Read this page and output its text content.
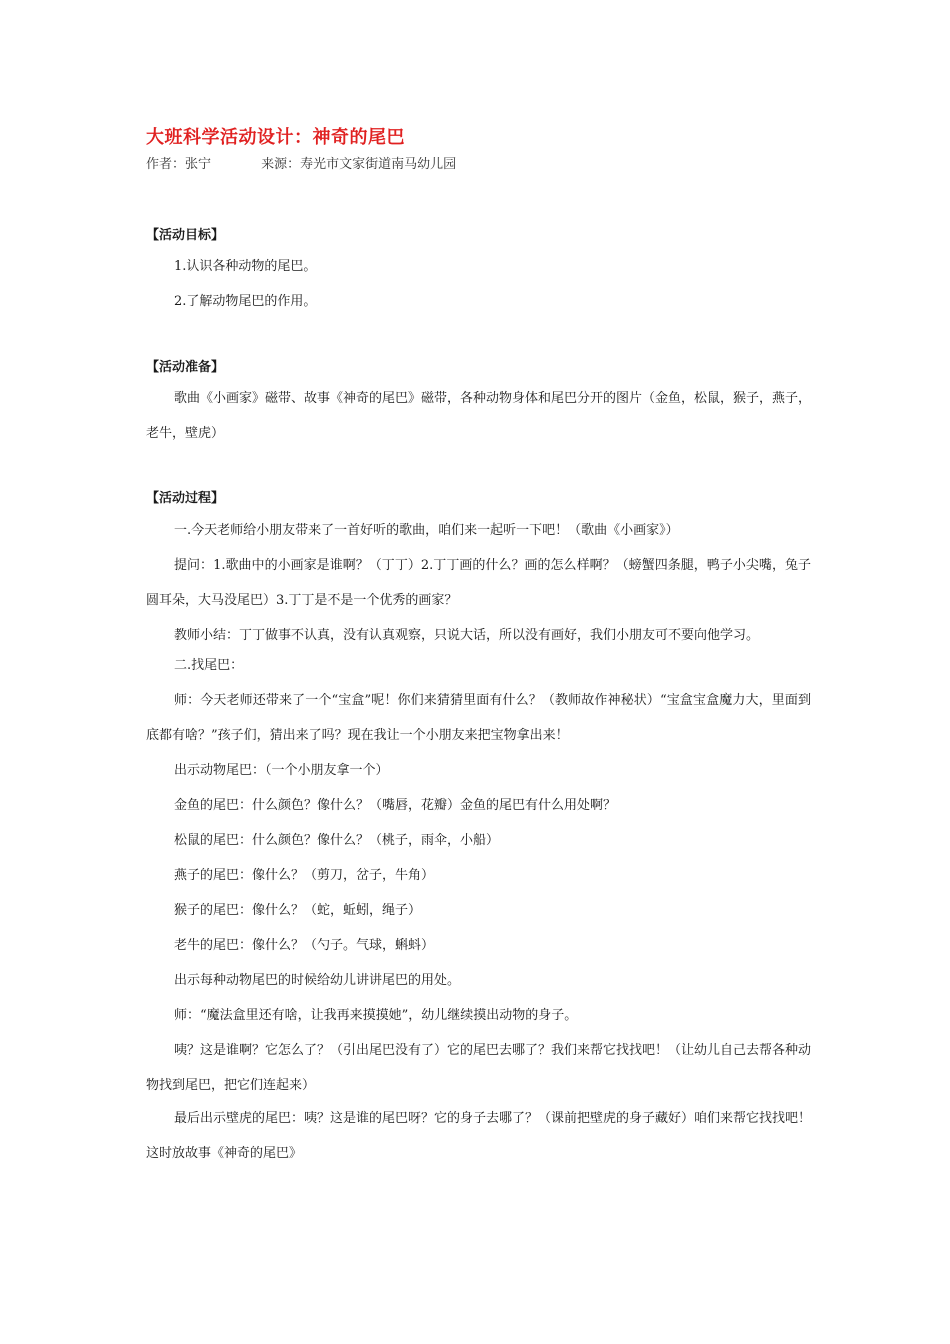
大班科学活动设计：神奇的尾巴
作者：张宁	来源：寿光市文家街道南马幼儿园
【活动目标】
1.认识各种动物的尾巴。
2.了解动物尾巴的作用。
【活动准备】
歌曲《小画家》磁带、故事《神奇的尾巴》磁带，各种动物身体和尾巴分开的图片（金鱼，松鼠，猴子，燕子，老牛，壁虎）
【活动过程】
一.今天老师给小朋友带来了一首好听的歌曲，咱们来一起听一下吧！（歌曲《小画家》）
提问：1.歌曲中的小画家是谁啊？（丁丁）2.丁丁画的什么？画的怎么样啊？（螃蟹四条腿，鸭子小尖嘴，兔子圆耳朵，大马没尾巴）3.丁丁是不是一个优秀的画家？
教师小结：丁丁做事不认真，没有认真观察，只说大话，所以没有画好，我们小朋友可不要向他学习。
二.找尾巴：
师：今天老师还带来了一个“宝盒”呢！你们来猜猜里面有什么？（教师故作神秘状）“宝盒宝盒魔力大，里面到底都有啥？”孩子们，猜出来了吗？现在我让一个小朋友来把宝物拿出来！
出示动物尾巴：（一个小朋友拿一个）
金鱼的尾巴：什么颜色？像什么？（嘴唇，花瓣）金鱼的尾巴有什么用处啊？
松鼠的尾巴：什么颜色？像什么？（桃子，雨伞，小船）
燕子的尾巴：像什么？（剪刀，岔子，牛角）
猴子的尾巴：像什么？（蛇，蚯蚓，绳子）
老牛的尾巴：像什么？（勺子。气球，蝌蚪）
出示每种动物尾巴的时候给幼儿讲讲尾巴的用处。
师：“魔法盒里还有啥，让我再来摸摸她”，幼儿继续摸出动物的身子。
咦？这是谁啊？它怎么了？（引出尾巴没有了）它的尾巴去哪了？我们来帮它找找吧！（让幼儿自己去帮各种动物找到尾巴，把它们连起来）
最后出示壁虎的尾巴：咦？这是谁的尾巴呀？它的身子去哪了？（课前把壁虎的身子藏好）咱们来帮它找找吧！这时放故事《神奇的尾巴》
